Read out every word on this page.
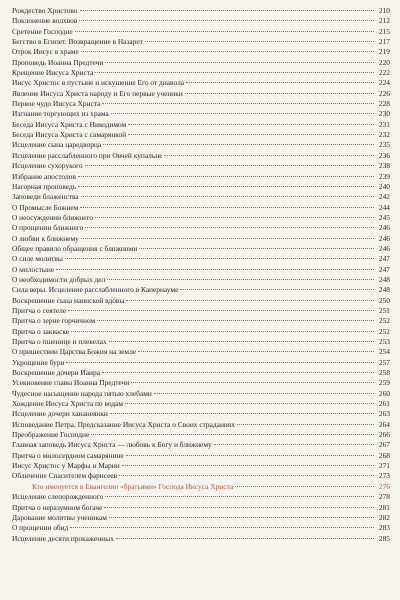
Рождество Христово	210
Поклонение волхвов	212
Сретение Господне	215
Бегство в Египет. Возвращение в Назарет	217
Отрок Иисус в храме	219
Проповедь Иоанна Предтечи	220
Крещение Иисуса Христа	222
Иисус Христос в пустыне и искушение Его от диавола	224
Явление Иисуса Христа народу и Его первые ученики	226
Первое чудо Иисуса Христа	228
Изгнание торгующих из храма	230
Беседа Иисуса Христа с Никодимом	231
Беседа Иисуса Христа с самарянкой	232
Исцеление сына царедворца	235
Исцеление расслабленного при Овчей купальне	236
Исцеление сухорукого	238
Избрание апостолов	239
Нагорная проповедь	240
Заповеди блаженства	242
О Промысле Божием	244
О неосуждении ближнего	245
О прощении ближнего	246
О любви к ближнему	246
Общее правило обращения с ближними	246
О силе молитвы	247
О милостыне	247
О необходимости добрых дел	248
Сила веры. Исцеление расслабленного в Капернауме	248
Воскрешение сына наинской вдовы	250
Притча о сеятеле	251
Притча о зерне горчичном	252
Притча о закваске	252
Притча о пшенице и плевелах	253
О пришествии Царства Божия на земле	254
Укрощение бури	257
Воскрешение дочери Иаира	258
Усекновение главы Иоанна Предтечи	259
Чудесное насыщение народа пятью хлебами	260
Хождение Иисуса Христа по водам	261
Исцеление дочери хананеянки	263
Исповедание Петра. Предсказание Иисуса Христа о Своих страданиях	264
Преображение Господне	266
Главная заповедь Иисуса Христа — любовь к Богу и ближнему	267
Притча о милосердном самарянине	268
Иисус Христос у Марфы и Марии	271
Обличение Спасителем фарисеев	273
Кто именуется в Евангелии «братьями» Господа Иисуса Христа	276
Исцеление слепорожденного	278
Притча о неразумном богаче	281
Дарование молитвы ученикам	282
О прощении обид	283
Исцеление десяти прокаженных	285
